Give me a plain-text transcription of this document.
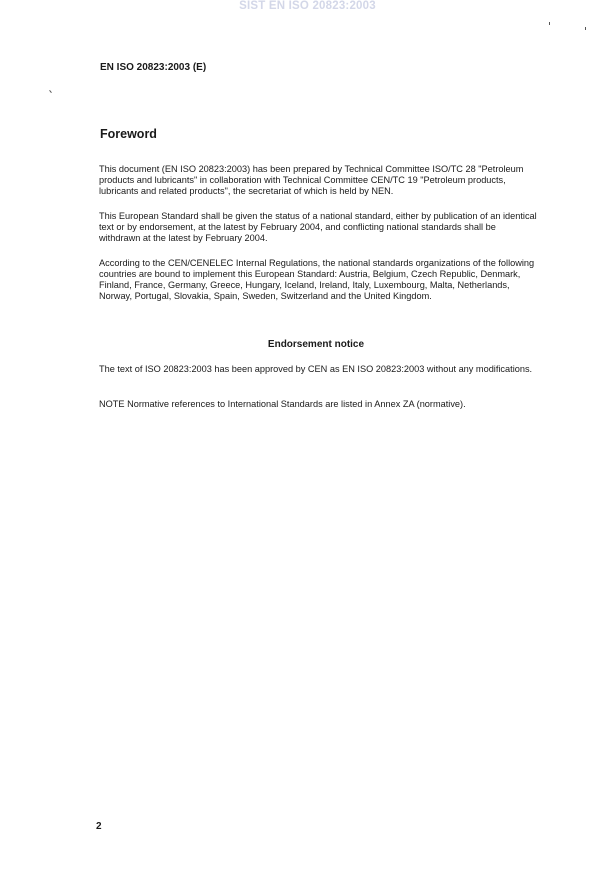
SIST EN ISO 20823:2003
EN ISO 20823:2003 (E)
Foreword

This document (EN ISO 20823:2003) has been prepared by Technical Committee ISO/TC 28 "Petroleum products and lubricants" in collaboration with Technical Committee CEN/TC 19 "Petroleum products, lubricants and related products", the secretariat of which is held by NEN.

This European Standard shall be given the status of a national standard, either by publication of an identical text or by endorsement, at the latest by February 2004, and conflicting national standards shall be withdrawn at the latest by February 2004.

According to the CEN/CENELEC Internal Regulations, the national standards organizations of the following countries are bound to implement this European Standard: Austria, Belgium, Czech Republic, Denmark, Finland, France, Germany, Greece, Hungary, Iceland, Ireland, Italy, Luxembourg, Malta, Netherlands, Norway, Portugal, Slovakia, Spain, Sweden, Switzerland and the United Kingdom.

Endorsement notice

The text of ISO 20823:2003 has been approved by CEN as EN ISO 20823:2003 without any modifications.

NOTE Normative references to International Standards are listed in Annex ZA (normative).

2
